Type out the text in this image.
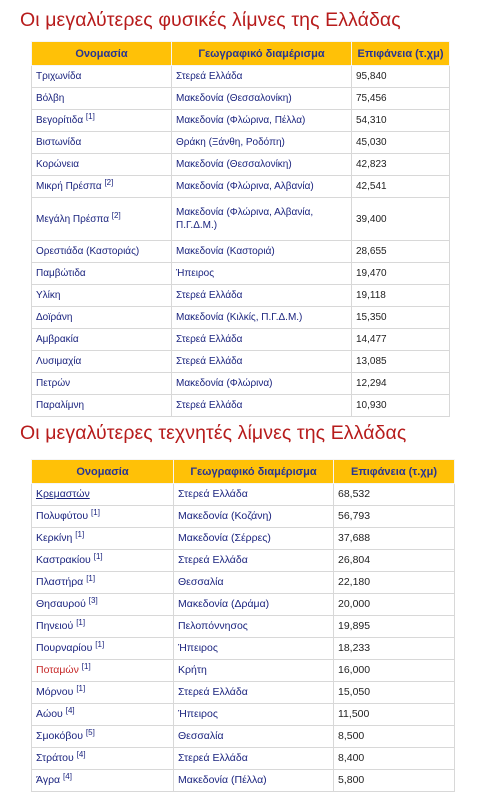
Οι μεγαλύτερες φυσικές λίμνες της Ελλάδας
Ονομασία	Γεωγραφικό διαμέρισμα	Επιφάνεια (τ.χμ)
Τριχωνίδα	Στερεά Ελλάδα	95,840
Βόλβη	Μακεδονία (Θεσσαλονίκη)	75,456
Βεγορίτιδα [1]	Μακεδονία (Φλώρινα, Πέλλα)	54,310
Βιστωνίδα	Θράκη (Ξάνθη, Ροδόπη)	45,030
Κορώνεια	Μακεδονία (Θεσσαλονίκη)	42,823
Μικρή Πρέσπα [2]	Μακεδονία (Φλώρινα, Αλβανία)	42,541
Μεγάλη Πρέσπα [2]	Μακεδονία (Φλώρινα, Αλβανία, Π.Γ.Δ.Μ.)	39,400
Ορεστιάδα (Καστοριάς)	Μακεδονία (Καστοριά)	28,655
Παμβώτιδα	Ήπειρος	19,470
Υλίκη	Στερεά Ελλάδα	19,118
Δοϊράνη	Μακεδονία (Κιλκίς, Π.Γ.Δ.Μ.)	15,350
Αμβρακία	Στερεά Ελλάδα	14,477
Λυσιμαχία	Στερεά Ελλάδα	13,085
Πετρών	Μακεδονία (Φλώρινα)	12,294
Παραλίμνη	Στερεά Ελλάδα	10,930
Οι μεγαλύτερες τεχνητές λίμνες της Ελλάδας
Ονομασία	Γεωγραφικό διαμέρισμα	Επιφάνεια (τ.χμ)
Κρεμαστών	Στερεά Ελλάδα	68,532
Πολυφύτου [1]	Μακεδονία (Κοζάνη)	56,793
Κερκίνη [1]	Μακεδονία (Σέρρες)	37,688
Καστρακίου [1]	Στερεά Ελλάδα	26,804
Πλαστήρα [1]	Θεσσαλία	22,180
Θησαυρού [3]	Μακεδονία (Δράμα)	20,000
Πηνειού [1]	Πελοπόννησος	19,895
Πουρναρίου [1]	Ήπειρος	18,233
Ποταμών [1]	Κρήτη	16,000
Μόρνου [1]	Στερεά Ελλάδα	15,050
Αώου [4]	Ήπειρος	11,500
Σμοκόβου [5]	Θεσσαλία	8,500
Στράτου [4]	Στερεά Ελλάδα	8,400
Άγρα [4]	Μακεδονία (Πέλλα)	5,800
